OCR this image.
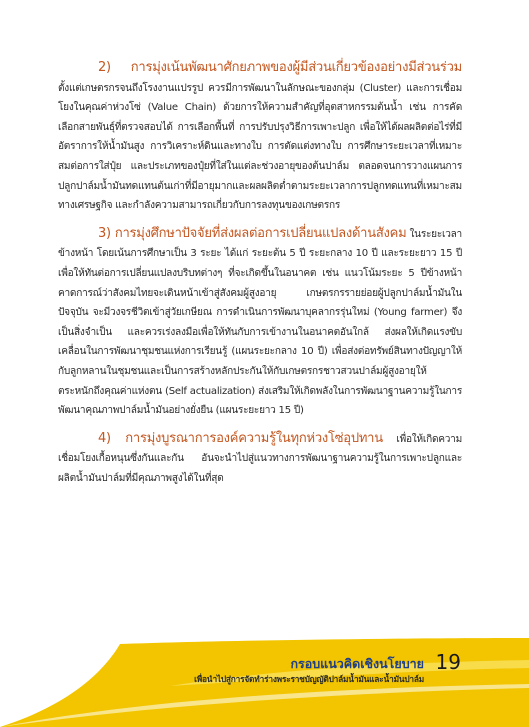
2) การมุ่งเน้นพัฒนาศักยภาพของผู้มีส่วนเกี่ยวข้องอย่างมีส่วนร่วม ตั้งแต่เกษตรกรจนถึงโรงงานแปรรูป ควรมีการพัฒนาในลักษณะของกลุ่ม (Cluster) และการเชื่อมโยงในคุณค่าห่วงโซ่ (Value Chain) ด้วยการให้ความสำคัญที่อุตสาหกรรมต้นน้ำ เช่น การคัดเลือกสายพันธุ์ที่ตรวจสอบได้ การเลือกพื้นที่ การปรับปรุงวิธีการเพาะปลูก เพื่อให้ได้ผลผลิตต่อไร่ที่มีอัตราการให้น้ำมันสูง การวิเคราะห์ดินและทางใบ การตัดแต่งทางใบ การศึกษาระยะเวลาที่เหมาะสมต่อการใส่ปุ๋ย และประเภทของปุ๋ยที่ใส่ในแต่ละช่วงอายุของต้นปาล์ม ตลอดจนการวางแผนการปลูกปาล์มน้ำมันทดแทนต้นเก่าที่มีอายุมากและผลผลิตต่ำตามระยะเวลาการปลูกทดแทนที่เหมาะสมทางเศรษฐกิจ และกำลังความสามารถเกี่ยวกับการลงทุนของเกษตรกร

3) การมุ่งศึกษาปัจจัยที่ส่งผลต่อการเปลี่ยนแปลงด้านสังคม ในระยะเวลาข้างหน้า โดยเน้นการศึกษาเป็น 3 ระยะ ได้แก่ ระยะต้น 5 ปี ระยะกลาง 10 ปี และระยะยาว 15 ปี เพื่อให้ทันต่อการเปลี่ยนแปลงบริบทต่างๆ ที่จะเกิดขึ้นในอนาคต เช่น แนวโน้มระยะ 5 ปีข้างหน้า คาดการณ์ว่าสังคมไทยจะเดินหน้าเข้าสู่สังคมผู้สูงอายุ เกษตรกรรายย่อยผู้ปลูกปาล์มน้ำมันในปัจจุบัน จะมีวงจรชีวิตเข้าสู่วัยเกษียณ การดำเนินการพัฒนาบุคลากรรุ่นใหม่ (Young farmer) จึงเป็นสิ่งจำเป็น และควรเร่งลงมือเพื่อให้ทันกับการเข้างานในอนาคตอันใกล้ ส่งผลให้เกิดแรงขับเคลื่อนในการพัฒนาชุมชนแห่งการเรียนรู้ (แผนระยะกลาง 10 ปี) เพื่อส่งต่อทรัพย์สินทางปัญญาให้กับลูกหลานในชุมชนและเป็นการสร้างหลักประกันให้กับเกษตรกรชาวสวนปาล์มผู้สูงอายุให้ตระหนักถึงคุณค่าแห่งตน (Self actualization) ส่งเสริมให้เกิดพลังในการพัฒนาฐานความรู้ในการพัฒนาคุณภาพปาล์มน้ำมันอย่างยั่งยืน (แผนระยะยาว 15 ปี)

4) การมุ่งบูรณาการองค์ความรู้ในทุกห่วงโซ่อุปทาน เพื่อให้เกิดความเชื่อมโยงเกื้อหนุนซึ่งกันและกัน อันจะนำไปสู่แนวทางการพัฒนาฐานความรู้ในการเพาะปลูกและผลิตน้ำมันปาล์มที่มีคุณภาพสูงได้ในที่สุด

กรอบแนวคิดเชิงนโยบาย
เพื่อนำไปสู่การจัดทำร่างพระราชบัญญัติปาล์มน้ำมันและน้ำมันปาล์ม
19
